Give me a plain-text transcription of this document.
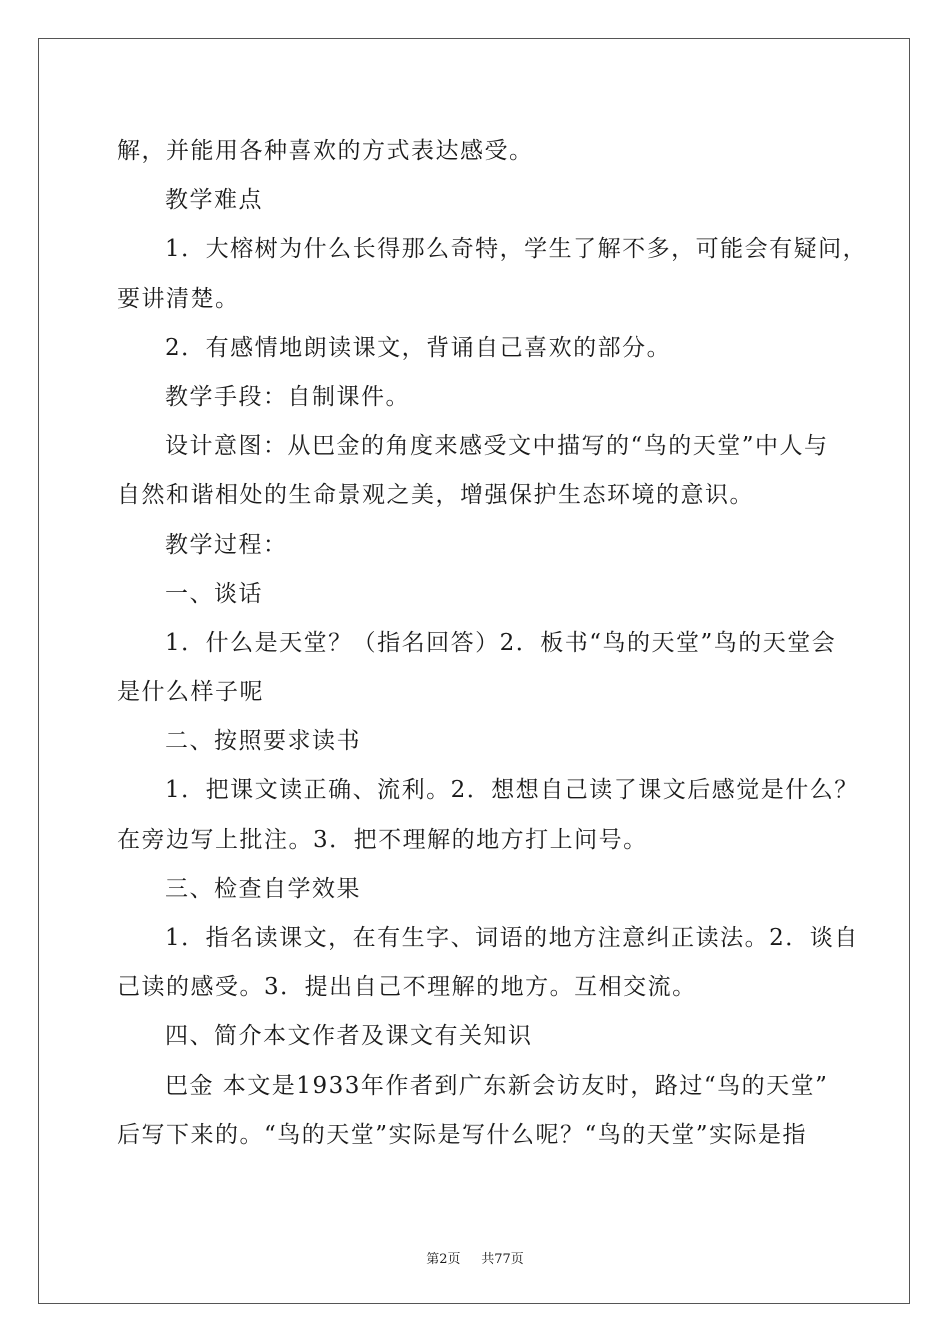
解，并能用各种喜欢的方式表达感受。
教学难点
1．大榕树为什么长得那么奇特，学生了解不多，可能会有疑问，
要讲清楚。
2．有感情地朗读课文，背诵自己喜欢的部分。
教学手段：自制课件。
设计意图：从巴金的角度来感受文中描写的“鸟的天堂”中人与
自然和谐相处的生命景观之美，增强保护生态环境的意识。
教学过程：
一、谈话
1．什么是天堂？（指名回答）2．板书“鸟的天堂”鸟的天堂会
是什么样子呢
二、按照要求读书
1．把课文读正确、流利。2．想想自己读了课文后感觉是什么？
在旁边写上批注。3．把不理解的地方打上问号。
三、检查自学效果
1．指名读课文，在有生字、词语的地方注意纠正读法。2．谈自
己读的感受。3．提出自己不理解的地方。互相交流。
四、简介本文作者及课文有关知识
巴金 本文是1933年作者到广东新会访友时，路过“鸟的天堂”
后写下来的。“鸟的天堂”实际是写什么呢？“鸟的天堂”实际是指
第2页 共77页
